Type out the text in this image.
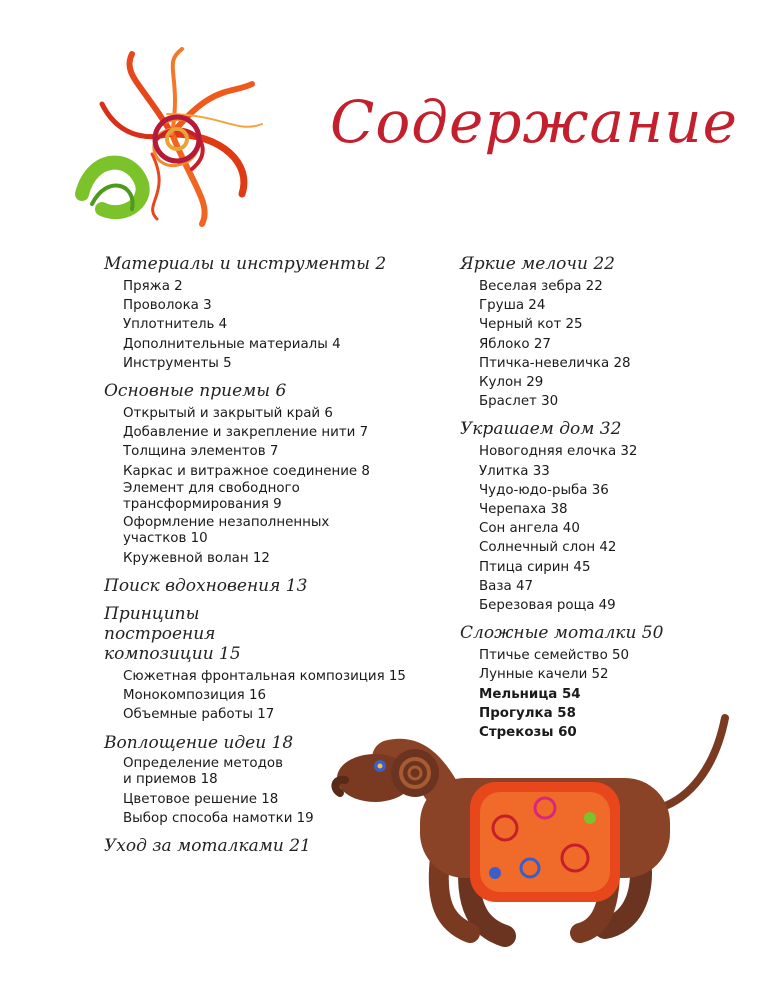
Содержание
Материалы и инструменты 2
Пряжа 2
Проволока 3
Уплотнитель 4
Дополнительные материалы 4
Инструменты 5
Основные приемы 6
Открытый и закрытый край 6
Добавление и закрепление нити 7
Толщина элементов 7
Каркас и витражное соединение 8
Элемент для свободного трансформирования 9
Оформление незаполненных участков 10
Кружевной волан 12
Поиск вдохновения 13
Принципы построения композиции 15
Сюжетная фронтальная композиция 15
Монокомпозиция 16
Объемные работы 17
Воплощение идеи 18
Определение методов и приемов 18
Цветовое решение 18
Выбор способа намотки 19
Уход за моталками 21
Яркие мелочи 22
Веселая зебра 22
Груша 24
Черный кот 25
Яблоко 27
Птичка-невеличка 28
Кулон 29
Браслет 30
Украшаем дом 32
Новогодняя елочка 32
Улитка 33
Чудо-юдо-рыба 36
Черепаха 38
Сон ангела 40
Солнечный слон 42
Птица сирин 45
Ваза 47
Березовая роща 49
Сложные моталки 50
Птичье семейство 50
Лунные качели 52
Мельница 54
Прогулка 58
Стрекозы 60
